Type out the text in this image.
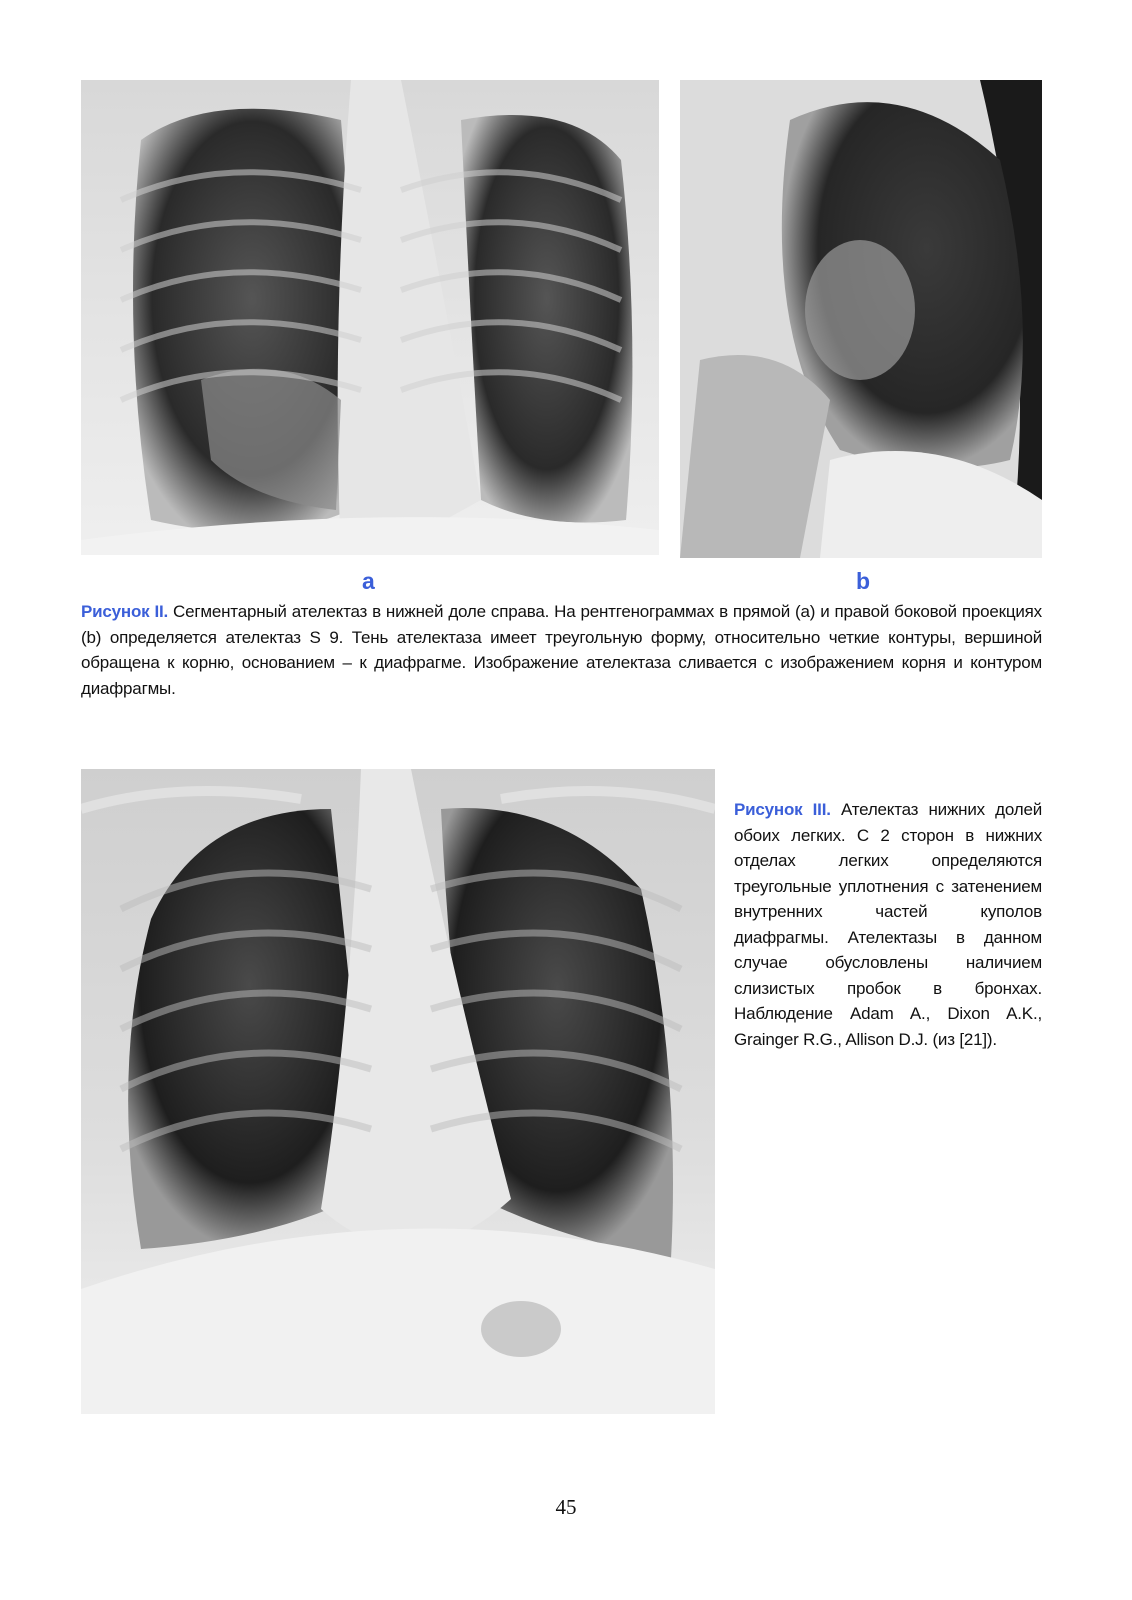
a	b
Рисунок II. Сегментарный ателектаз в нижней доле справа. На рентгенограммах в прямой (a) и правой боковой проекциях (b) определяется ателектаз S 9. Тень ателектаза имеет треугольную форму, относительно четкие контуры, вершиной обращена к корню, основанием – к диафрагме. Изображение ателектаза сливается с изображением корня и контуром диафрагмы.
Рисунок III. Ателектаз нижних долей обоих легких. С 2 сторон в нижних отделах легких определяются треугольные уплотнения с затенением внутренних частей куполов диафрагмы. Ателектазы в данном случае обусловлены наличием слизистых пробок в бронхах. Наблюдение Adam A., Dixon A.K., Grainger R.G., Allison D.J. (из [21]).
45
